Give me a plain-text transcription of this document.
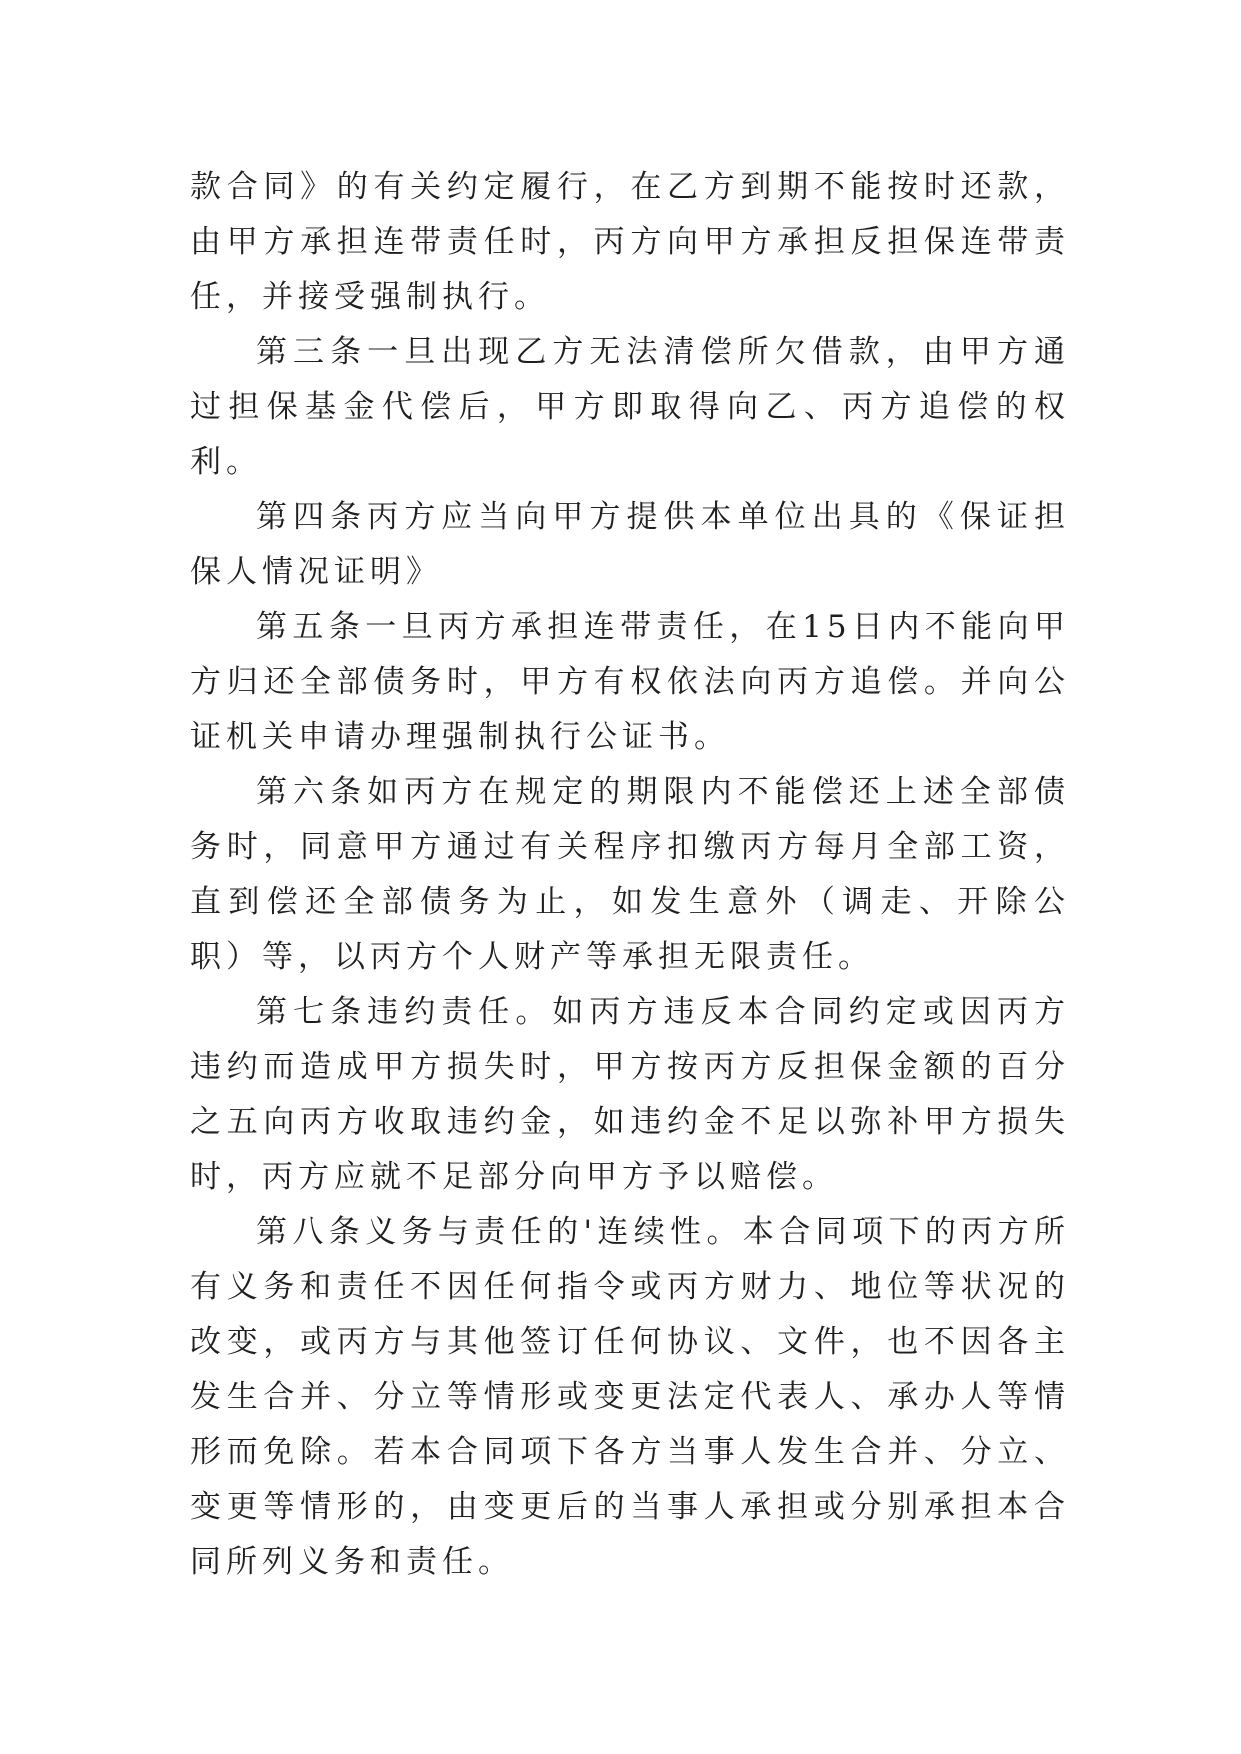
款合同》的有关约定履行，在乙方到期不能按时还款，由甲方承担连带责任时，丙方向甲方承担反担保连带责任，并接受强制执行。

第三条一旦出现乙方无法清偿所欠借款，由甲方通过担保基金代偿后，甲方即取得向乙、丙方追偿的权利。

第四条丙方应当向甲方提供本单位出具的《保证担保人情况证明》

第五条一旦丙方承担连带责任，在15日内不能向甲方归还全部债务时，甲方有权依法向丙方追偿。并向公证机关申请办理强制执行公证书。

第六条如丙方在规定的期限内不能偿还上述全部债务时，同意甲方通过有关程序扣缴丙方每月全部工资，直到偿还全部债务为止，如发生意外（调走、开除公职）等，以丙方个人财产等承担无限责任。

第七条违约责任。如丙方违反本合同约定或因丙方违约而造成甲方损失时，甲方按丙方反担保金额的百分之五向丙方收取违约金，如违约金不足以弥补甲方损失时，丙方应就不足部分向甲方予以赔偿。

第八条义务与责任的'连续性。本合同项下的丙方所有义务和责任不因任何指令或丙方财力、地位等状况的改变，或丙方与其他签订任何协议、文件，也不因各主发生合并、分立等情形或变更法定代表人、承办人等情形而免除。若本合同项下各方当事人发生合并、分立、变更等情形的，由变更后的当事人承担或分别承担本合同所列义务和责任。
